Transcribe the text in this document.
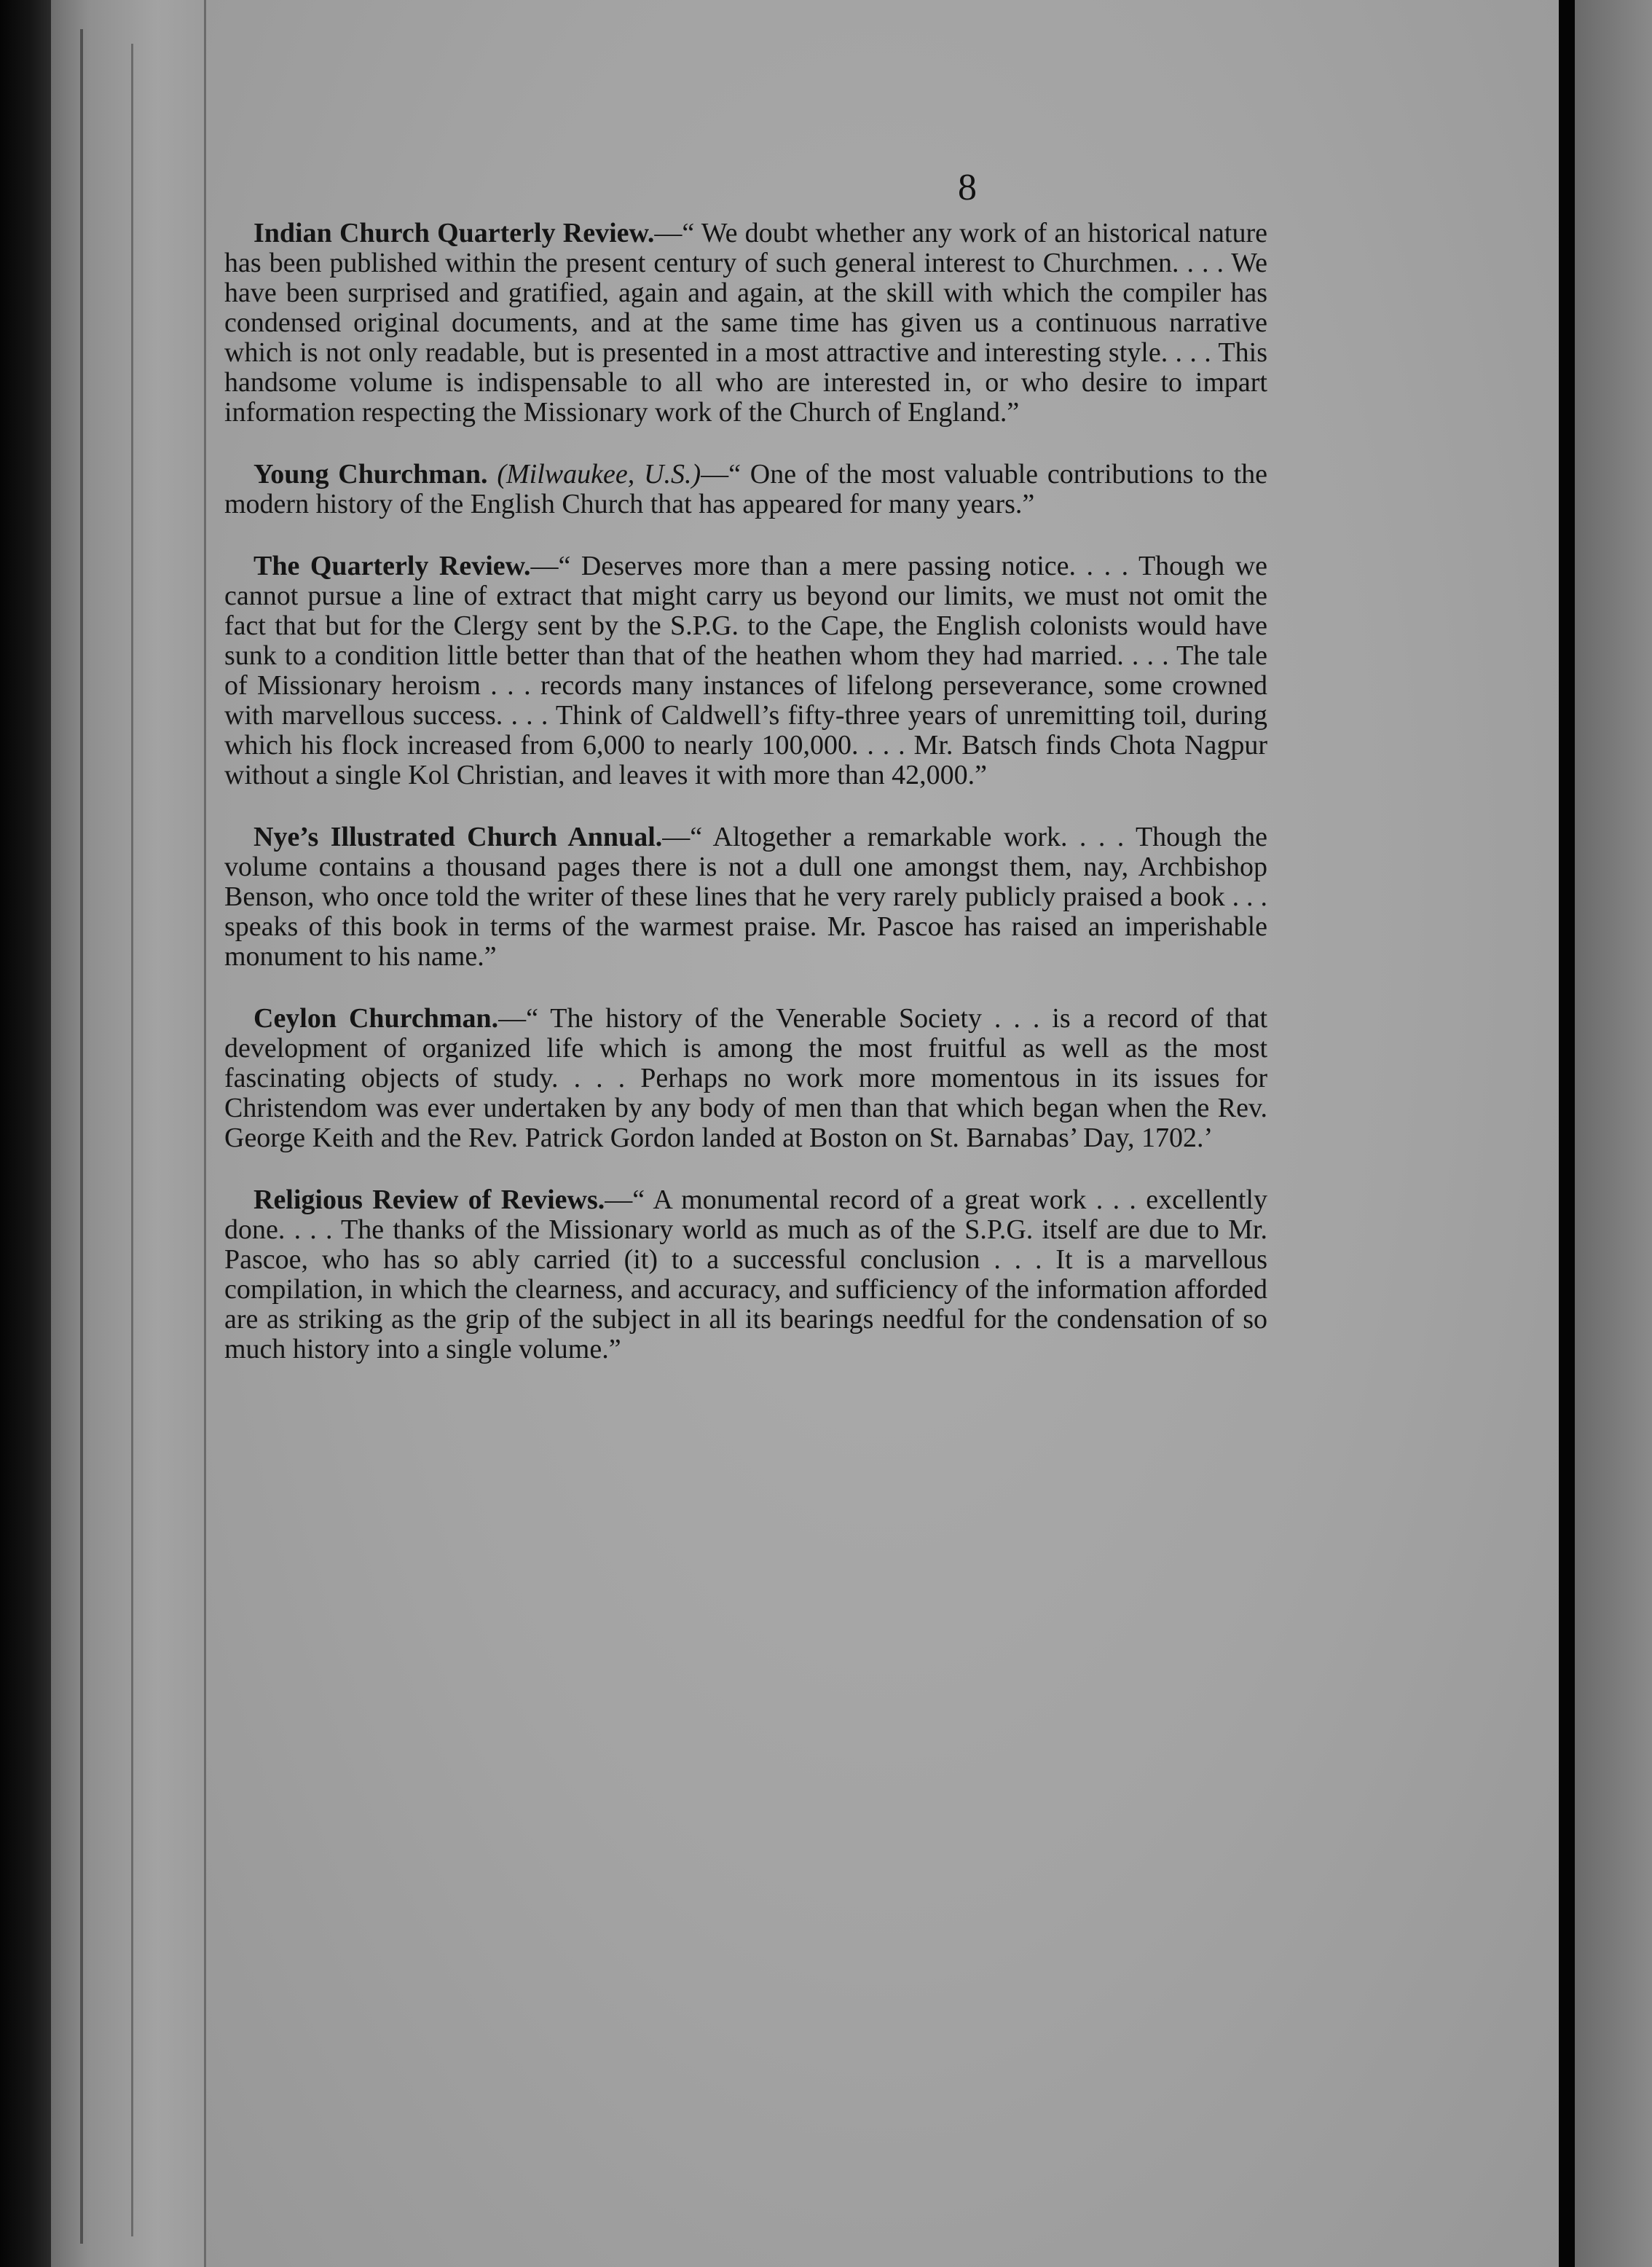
8

Indian Church Quarterly Review.—“ We doubt whether any work of an historical nature has been published within the present century of such general interest to Churchmen. . . . We have been surprised and gratified, again and again, at the skill with which the compiler has condensed original documents, and at the same time has given us a continuous narrative which is not only readable, but is presented in a most attractive and interesting style. . . . This handsome volume is indispensable to all who are interested in, or who desire to impart information respecting the Missionary work of the Church of England.”

Young Churchman. (Milwaukee, U.S.)—“ One of the most valuable contributions to the modern history of the English Church that has appeared for many years.”

The Quarterly Review.—“ Deserves more than a mere passing notice. . . . Though we cannot pursue a line of extract that might carry us beyond our limits, we must not omit the fact that but for the Clergy sent by the S.P.G. to the Cape, the English colonists would have sunk to a condition little better than that of the heathen whom they had married. . . . The tale of Missionary heroism . . . records many instances of lifelong perseverance, some crowned with marvellous success. . . . Think of Caldwell’s fifty-three years of unremitting toil, during which his flock increased from 6,000 to nearly 100,000. . . . Mr. Batsch finds Chota Nagpur without a single Kol Christian, and leaves it with more than 42,000.”

Nye’s Illustrated Church Annual.—“ Altogether a remarkable work. . . . Though the volume contains a thousand pages there is not a dull one amongst them, nay, Archbishop Benson, who once told the writer of these lines that he very rarely publicly praised a book . . . speaks of this book in terms of the warmest praise. Mr. Pascoe has raised an imperishable monument to his name.”

Ceylon Churchman.—“ The history of the Venerable Society . . . is a record of that development of organized life which is among the most fruitful as well as the most fascinating objects of study. . . . Perhaps no work more momentous in its issues for Christendom was ever undertaken by any body of men than that which began when the Rev. George Keith and the Rev. Patrick Gordon landed at Boston on St. Barnabas’ Day, 1702.’

Religious Review of Reviews.—“ A monumental record of a great work . . . excellently done. . . . The thanks of the Missionary world as much as of the S.P.G. itself are due to Mr. Pascoe, who has so ably carried (it) to a successful conclusion . . . It is a marvellous compilation, in which the clearness, and accuracy, and sufficiency of the information afforded are as striking as the grip of the subject in all its bearings needful for the condensation of so much history into a single volume.”
